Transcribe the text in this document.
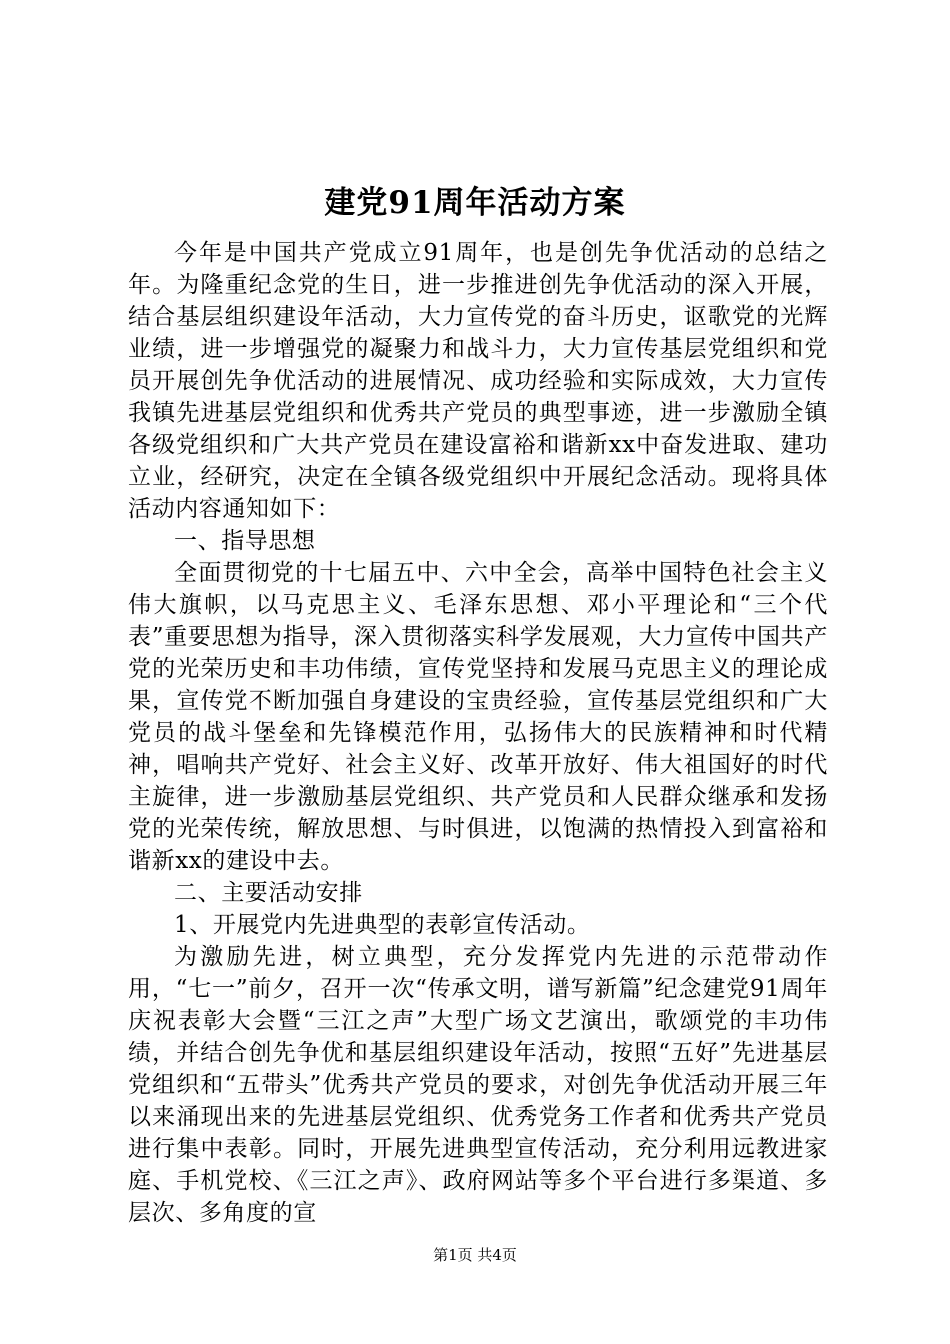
建党91周年活动方案

今年是中国共产党成立91周年，也是创先争优活动的总结之年。为隆重纪念党的生日，进一步推进创先争优活动的深入开展，结合基层组织建设年活动，大力宣传党的奋斗历史，讴歌党的光辉业绩，进一步增强党的凝聚力和战斗力，大力宣传基层党组织和党员开展创先争优活动的进展情况、成功经验和实际成效，大力宣传我镇先进基层党组织和优秀共产党员的典型事迹，进一步激励全镇各级党组织和广大共产党员在建设富裕和谐新xx中奋发进取、建功立业，经研究，决定在全镇各级党组织中开展纪念活动。现将具体活动内容通知如下：

一、指导思想

全面贯彻党的十七届五中、六中全会，高举中国特色社会主义伟大旗帜，以马克思主义、毛泽东思想、邓小平理论和“三个代表”重要思想为指导，深入贯彻落实科学发展观，大力宣传中国共产党的光荣历史和丰功伟绩，宣传党坚持和发展马克思主义的理论成果，宣传党不断加强自身建设的宝贵经验，宣传基层党组织和广大党员的战斗堡垒和先锋模范作用，弘扬伟大的民族精神和时代精神，唱响共产党好、社会主义好、改革开放好、伟大祖国好的时代主旋律，进一步激励基层党组织、共产党员和人民群众继承和发扬党的光荣传统，解放思想、与时俱进，以饱满的热情投入到富裕和谐新xx的建设中去。

二、主要活动安排

1、开展党内先进典型的表彰宣传活动。

为激励先进，树立典型，充分发挥党内先进的示范带动作用，“七一”前夕，召开一次“传承文明，谱写新篇”纪念建党91周年庆祝表彰大会暨“三江之声”大型广场文艺演出，歌颂党的丰功伟绩，并结合创先争优和基层组织建设年活动，按照“五好”先进基层党组织和“五带头”优秀共产党员的要求，对创先争优活动开展三年以来涌现出来的先进基层党组织、优秀党务工作者和优秀共产党员进行集中表彰。同时，开展先进典型宣传活动，充分利用远教进家庭、手机党校、《三江之声》、政府网站等多个平台进行多渠道、多层次、多角度的宣

第1页 共4页
